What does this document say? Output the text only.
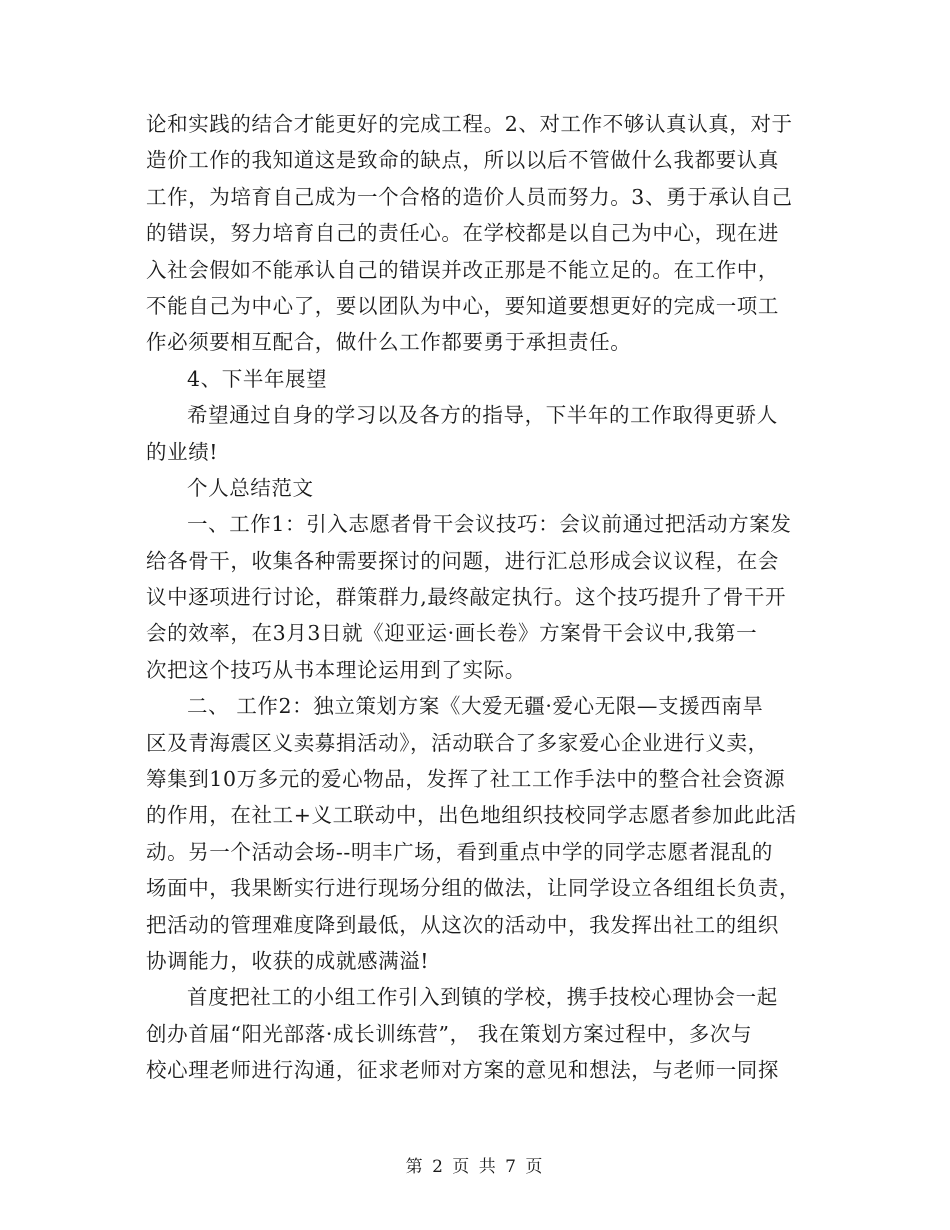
论和实践的结合才能更好的完成工程。2、对工作不够认真认真，对于
造价工作的我知道这是致命的缺点，所以以后不管做什么我都要认真
工作，为培育自己成为一个合格的造价人员而努力。3、勇于承认自己
的错误，努力培育自己的责任心。在学校都是以自己为中心，现在进
入社会假如不能承认自己的错误并改正那是不能立足的。在工作中，
不能自己为中心了，要以团队为中心，要知道要想更好的完成一项工
作必须要相互配合，做什么工作都要勇于承担责任。
4、下半年展望
希望通过自身的学习以及各方的指导，下半年的工作取得更骄人
的业绩!
个人总结范文
一、工作1：引入志愿者骨干会议技巧：会议前通过把活动方案发
给各骨干，收集各种需要探讨的问题，进行汇总形成会议议程，在会
议中逐项进行讨论，群策群力,最终敲定执行。这个技巧提升了骨干开
会的效率，在3月3日就《迎亚运·画长卷》方案骨干会议中,我第一
次把这个技巧从书本理论运用到了实际。
二、 工作2：独立策划方案《大爱无疆·爱心无限—支援西南旱
区及青海震区义卖募捐活动》，活动联合了多家爱心企业进行义卖，
筹集到10万多元的爱心物品，发挥了社工工作手法中的整合社会资源
的作用，在社工+义工联动中，出色地组织技校同学志愿者参加此此活
动。另一个活动会场--明丰广场，看到重点中学的同学志愿者混乱的
场面中，我果断实行进行现场分组的做法，让同学设立各组组长负责，
把活动的管理难度降到最低，从这次的活动中，我发挥出社工的组织
协调能力，收获的成就感满溢!
首度把社工的小组工作引入到镇的学校，携手技校心理协会一起
创办首届“阳光部落·成长训练营”， 我在策划方案过程中，多次与
校心理老师进行沟通，征求老师对方案的意见和想法，与老师一同探
第 2 页 共 7 页
